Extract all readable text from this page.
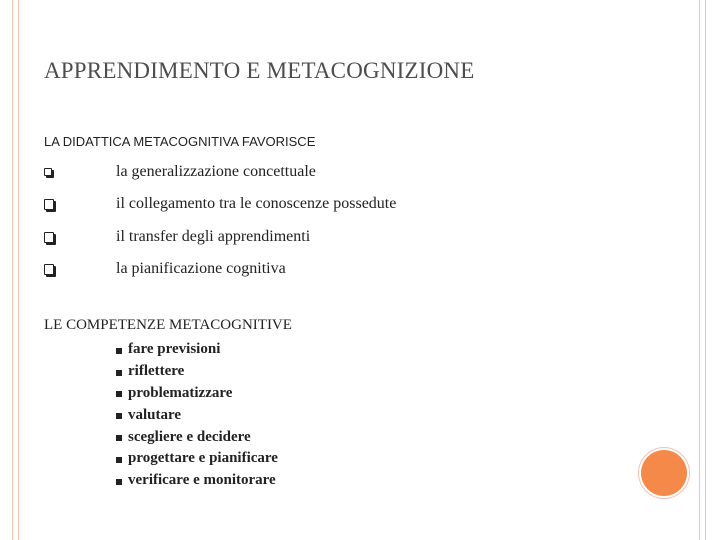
APPRENDIMENTO E METACOGNIZIONE
LA DIDATTICA METACOGNITIVA FAVORISCE
la generalizzazione concettuale
il collegamento tra le conoscenze possedute
il transfer degli apprendimenti
la pianificazione cognitiva
LE COMPETENZE METACOGNITIVE
fare previsioni
riflettere
problematizzare
valutare
scegliere e decidere
progettare e pianificare
verificare e monitorare
